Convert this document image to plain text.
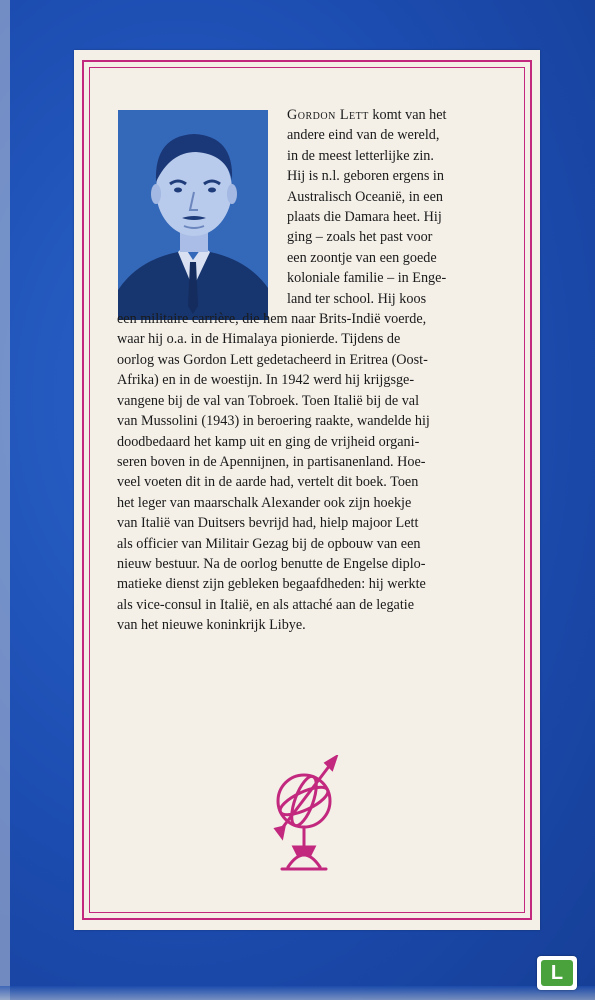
Gordon Lett komt van het
andere eind van de wereld,
in de meest letterlijke zin.
Hij is n.l. geboren ergens in
Australisch Oceanië, in een
plaats die Damara heet. Hij
ging – zoals het past voor
een zoontje van een goede
koloniale familie – in Enge-
land ter school. Hij koos
een militaire carrière, die hem naar Brits-Indië voerde,
waar hij o.a. in de Himalaya pionierde. Tijdens de
oorlog was Gordon Lett gedetacheerd in Eritrea (Oost-
Afrika) en in de woestijn. In 1942 werd hij krijgsge-
vangene bij de val van Tobroek. Toen Italië bij de val
van Mussolini (1943) in beroering raakte, wandelde hij
doodbedaard het kamp uit en ging de vrijheid organi-
seren boven in de Apennijnen, in partisanenland. Hoe-
veel voeten dit in de aarde had, vertelt dit boek. Toen
het leger van maarschalk Alexander ook zijn hoekje
van Italië van Duitsers bevrijd had, hielp majoor Lett
als officier van Militair Gezag bij de opbouw van een
nieuw bestuur. Na de oorlog benutte de Engelse diplo-
matieke dienst zijn gebleken begaafdheden: hij werkte
als vice-consul in Italië, en als attaché aan de legatie
van het nieuwe koninkrijk Libye.
L
